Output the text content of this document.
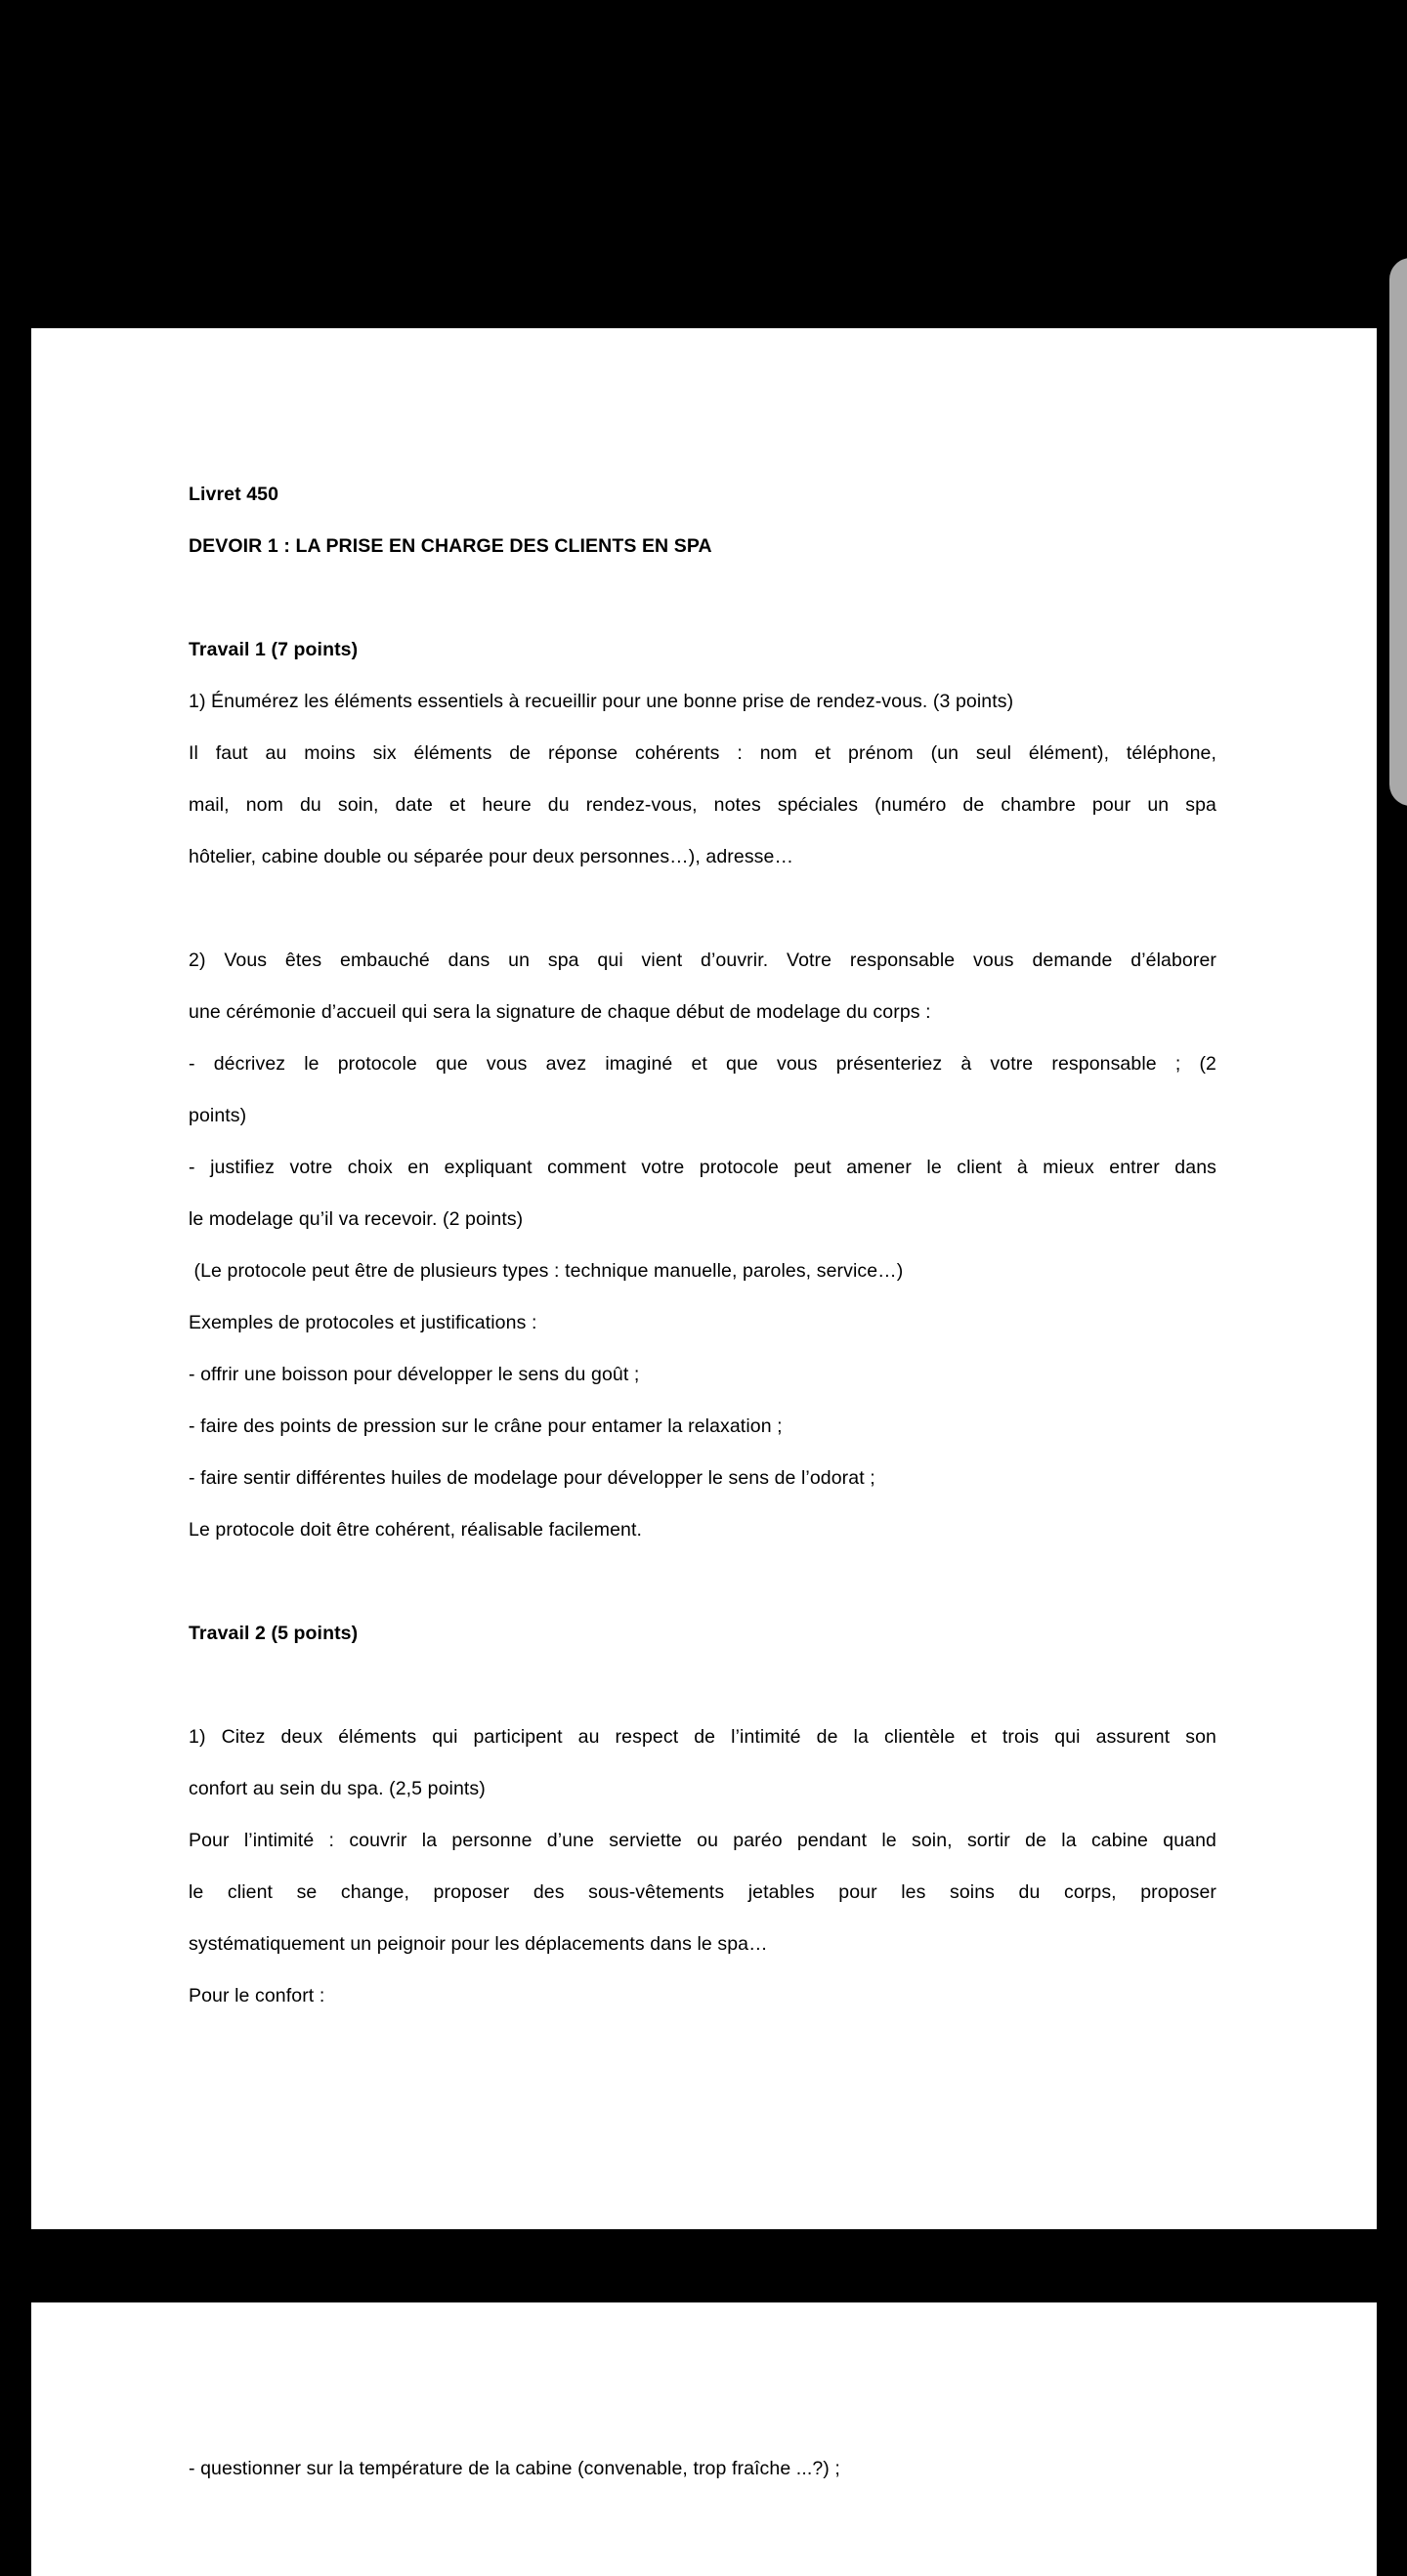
Livret 450
DEVOIR 1 : LA PRISE EN CHARGE DES CLIENTS EN SPA
Travail 1 (7 points)
1) Énumérez les éléments essentiels à recueillir pour une bonne prise de rendez-vous. (3 points)
Il faut au moins six éléments de réponse cohérents : nom et prénom (un seul élément), téléphone,
mail, nom du soin, date et heure du rendez-vous, notes spéciales (numéro de chambre pour un spa
hôtelier, cabine double ou séparée pour deux personnes…), adresse…
2) Vous êtes embauché dans un spa qui vient d’ouvrir. Votre responsable vous demande d’élaborer
une cérémonie d’accueil qui sera la signature de chaque début de modelage du corps :
- décrivez le protocole que vous avez imaginé et que vous présenteriez à votre responsable ; (2
points)
- justifiez votre choix en expliquant comment votre protocole peut amener le client à mieux entrer dans
le modelage qu’il va recevoir. (2 points)
(Le protocole peut être de plusieurs types : technique manuelle, paroles, service…)
Exemples de protocoles et justifications :
- offrir une boisson pour développer le sens du goût ;
- faire des points de pression sur le crâne pour entamer la relaxation ;
- faire sentir différentes huiles de modelage pour développer le sens de l’odorat ;
Le protocole doit être cohérent, réalisable facilement.
Travail 2 (5 points)
1) Citez deux éléments qui participent au respect de l’intimité de la clientèle et trois qui assurent son
confort au sein du spa. (2,5 points)
Pour l’intimité : couvrir la personne d’une serviette ou paréo pendant le soin, sortir de la cabine quand
le client se change, proposer des sous-vêtements jetables pour les soins du corps, proposer
systématiquement un peignoir pour les déplacements dans le spa…
Pour le confort :
- questionner sur la température de la cabine (convenable, trop fraîche ...?) ;
